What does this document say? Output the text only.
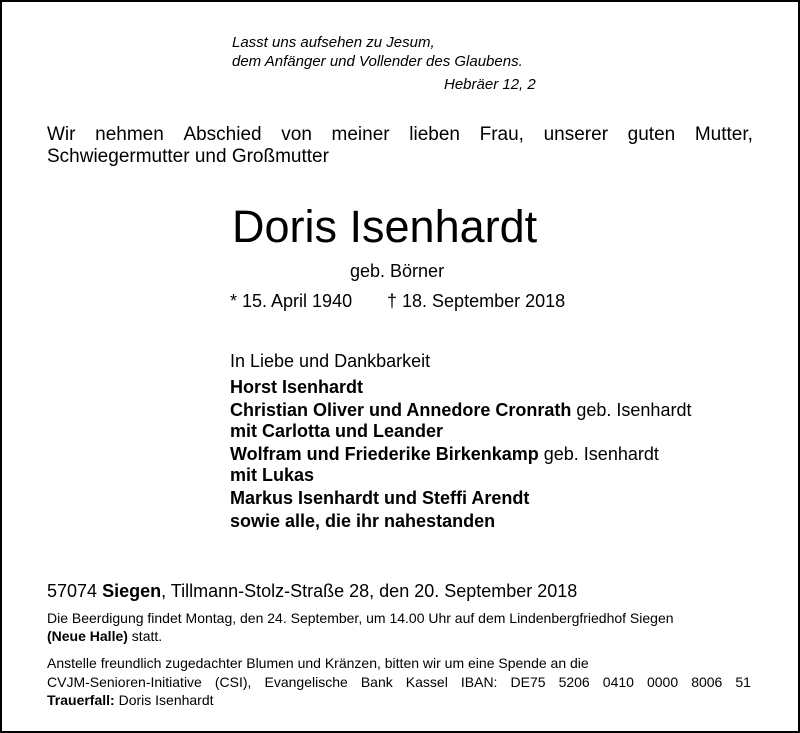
Lasst uns aufsehen zu Jesum,
dem Anfänger und Vollender des Glaubens.
Hebräer 12, 2
Wir nehmen Abschied von meiner lieben Frau, unserer guten Mutter,
Schwiegermutter und Großmutter
Doris Isenhardt
geb. Börner
* 15. April 1940 † 18. September 2018
In Liebe und Dankbarkeit
Horst Isenhardt
Christian Oliver und Annedore Cronrath geb. Isenhardt
mit Carlotta und Leander
Wolfram und Friederike Birkenkamp geb. Isenhardt
mit Lukas
Markus Isenhardt und Steffi Arendt
sowie alle, die ihr nahestanden
57074 Siegen, Tillmann-Stolz-Straße 28, den 20. September 2018
Die Beerdigung findet Montag, den 24. September, um 14.00 Uhr auf dem Lindenbergfriedhof Siegen
(Neue Halle) statt.
Anstelle freundlich zugedachter Blumen und Kränzen, bitten wir um eine Spende an die
CVJM-Senioren-Initiative (CSI), Evangelische Bank Kassel IBAN: DE75 5206 0410 0000 8006 51
Trauerfall: Doris Isenhardt
